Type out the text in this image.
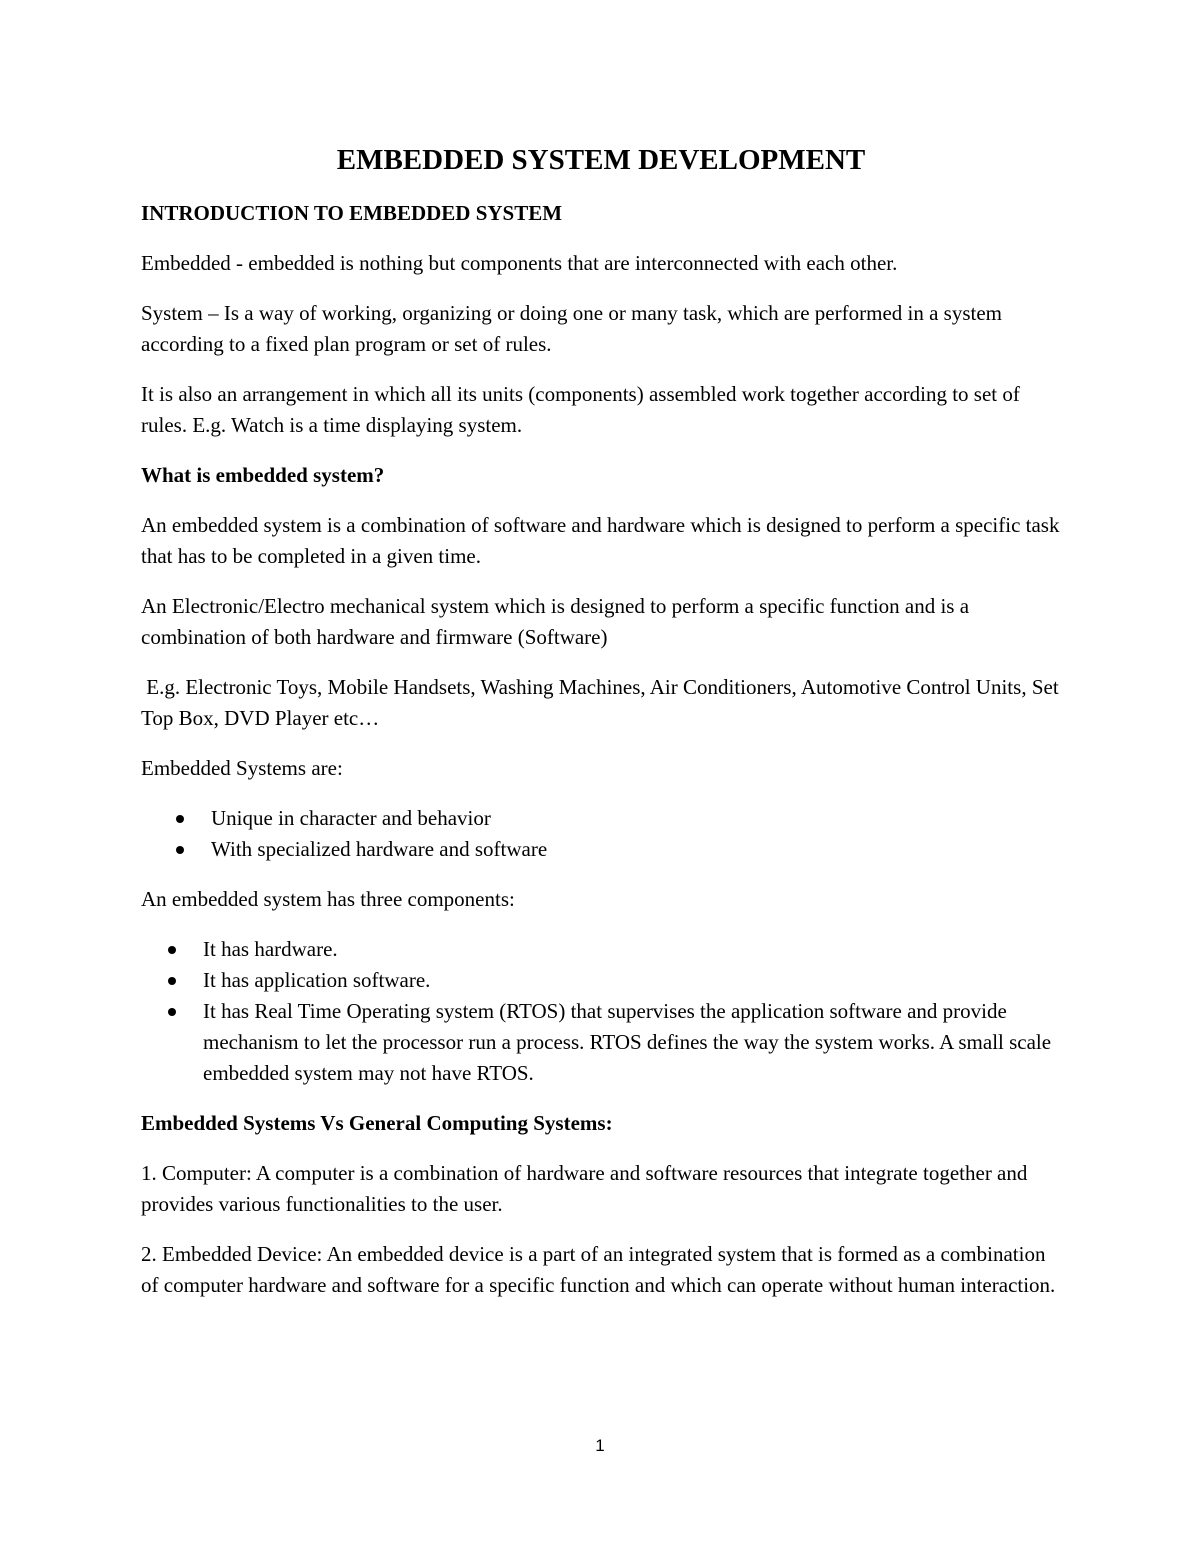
EMBEDDED SYSTEM DEVELOPMENT
INTRODUCTION TO EMBEDDED SYSTEM

Embedded - embedded is nothing but components that are interconnected with each other.

System – Is a way of working, organizing or doing one or many task, which are performed in a system according to a fixed plan program or set of rules.

It is also an arrangement in which all its units (components) assembled work together according to set of rules. E.g. Watch is a time displaying system.

What is embedded system?

An embedded system is a combination of software and hardware which is designed to perform a specific task that has to be completed in a given time.

An Electronic/Electro mechanical system which is designed to perform a specific function and is a combination of both hardware and firmware (Software)

E.g. Electronic Toys, Mobile Handsets, Washing Machines, Air Conditioners, Automotive Control Units, Set Top Box, DVD Player etc…

Embedded Systems are:

Unique in character and behavior
With specialized hardware and software

An embedded system has three components:

It has hardware.
It has application software.
It has Real Time Operating system (RTOS) that supervises the application software and provide mechanism to let the processor run a process. RTOS defines the way the system works. A small scale embedded system may not have RTOS.
Embedded Systems Vs General Computing Systems:

1. Computer: A computer is a combination of hardware and software resources that integrate together and provides various functionalities to the user.

2. Embedded Device: An embedded device is a part of an integrated system that is formed as a combination of computer hardware and software for a specific function and which can operate without human interaction.

1
